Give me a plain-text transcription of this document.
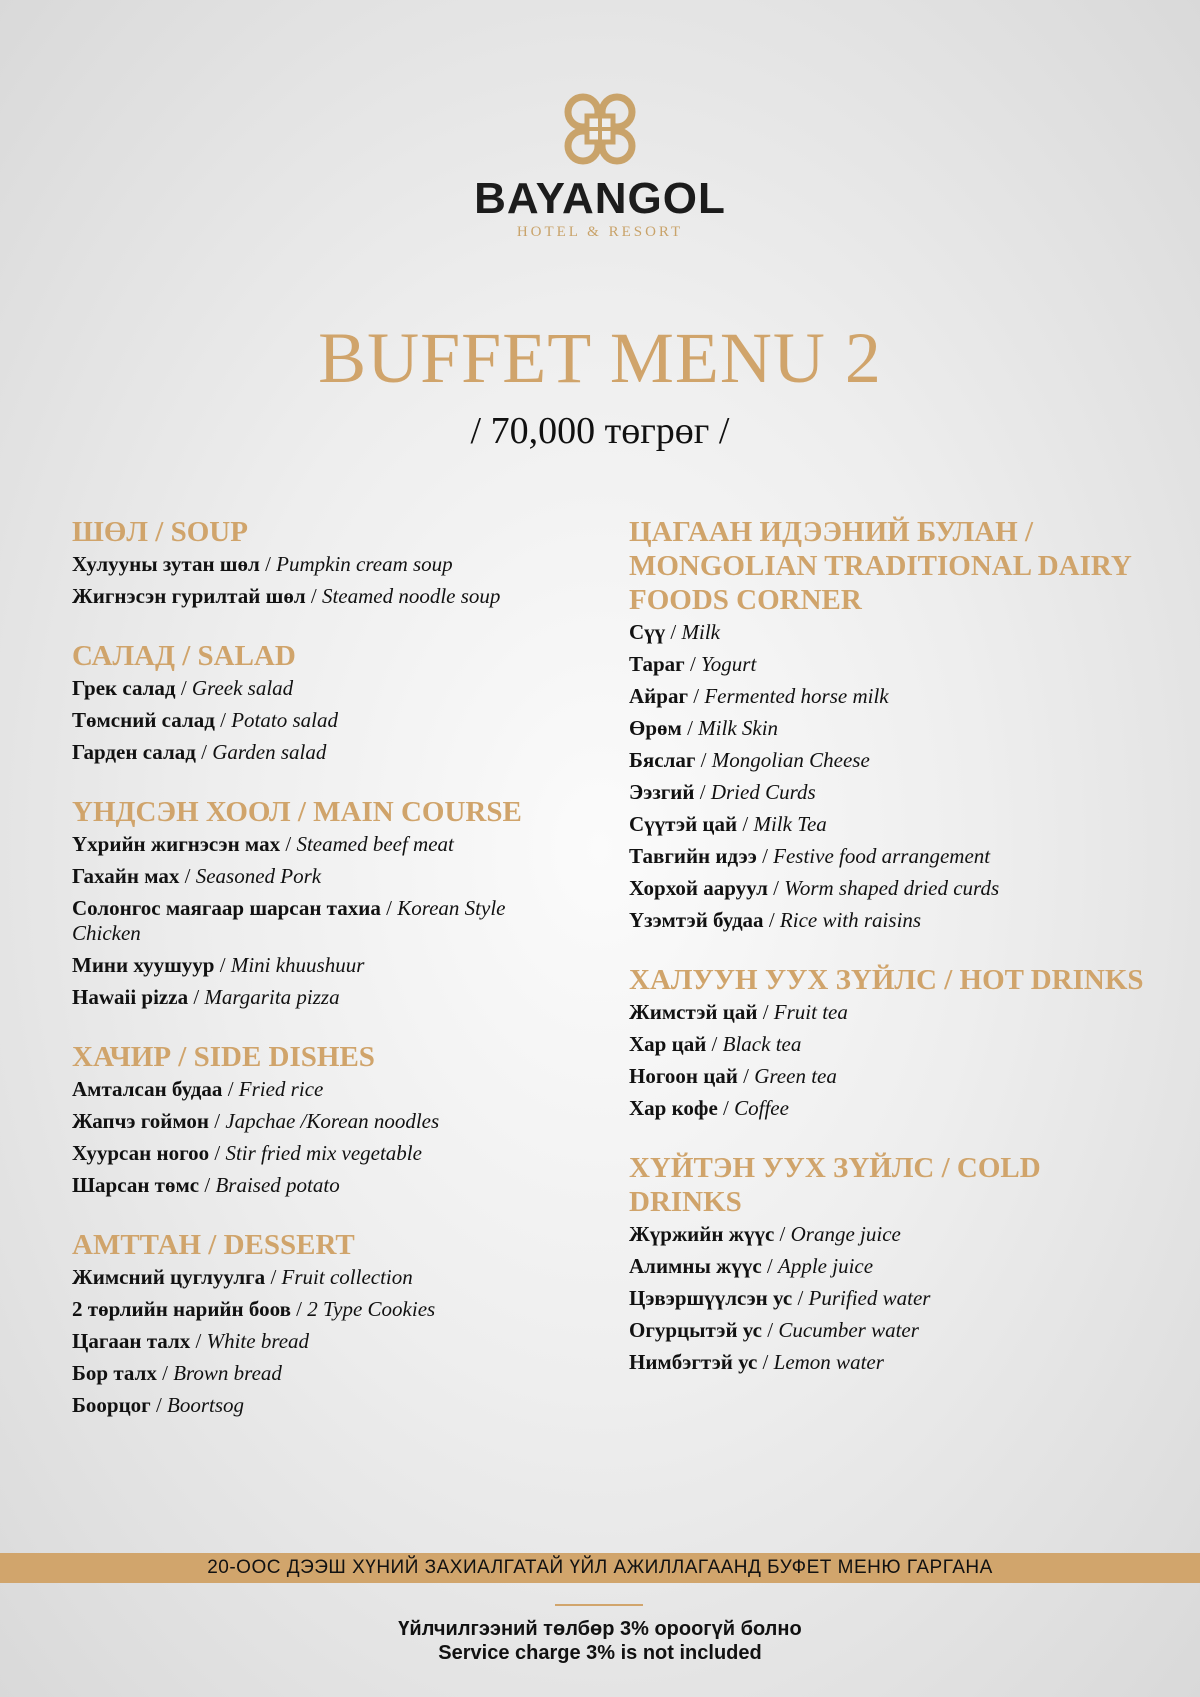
BAYANGOL
HOTEL & RESORT
BUFFET MENU 2
/ 70,000 төгрөг /
ШӨЛ / SOUP
Хулууны зутан шөл / Pumpkin cream soup
Жигнэсэн гурилтай шөл / Steamed noodle soup
САЛАД / SALAD
Грек салад / Greek salad
Төмсний салад / Potato salad
Гарден салад / Garden salad
ҮНДСЭН ХООЛ / MAIN COURSE
Үхрийн жигнэсэн мах / Steamed beef meat
Гахайн мах / Seasoned Pork
Солонгос маягаар шарсан тахиа / Korean Style Chicken
Мини хуушуур / Mini khuushuur
Hawaii pizza / Margarita pizza
ХАЧИР / SIDE DISHES
Амталсан будаа / Fried rice
Жапчэ гоймон / Japchae /Korean noodles
Хуурсан ногоо / Stir fried mix vegetable
Шарсан төмс / Braised potato
АМТТАН / DESSERT
Жимсний цуглуулга / Fruit collection
2 төрлийн нарийн боов / 2 Type Cookies
Цагаан талх / White bread
Бор талх / Brown bread
Боорцог / Boortsog
ЦАГААН ИДЭЭНИЙ БУЛАН / MONGOLIAN TRADITIONAL DAIRY FOODS CORNER
Сүү / Milk
Тараг / Yogurt
Айраг / Fermented horse milk
Өрөм / Milk Skin
Бяслаг / Mongolian Cheese
Ээзгий / Dried Curds
Сүүтэй цай / Milk Tea
Тавгийн идээ / Festive food arrangement
Хорхой ааруул / Worm shaped dried curds
Үзэмтэй будаа / Rice with raisins
ХАЛУУН УУХ ЗҮЙЛС / HOT DRINKS
Жимстэй цай / Fruit tea
Хар цай / Black tea
Ногоон цай / Green tea
Хар кофе / Coffee
ХҮЙТЭН УУХ ЗҮЙЛС / COLD DRINKS
Жүржийн жүүс / Orange juice
Алимны жүүс / Apple juice
Цэвэршүүлсэн ус / Purified water
Огурцытэй ус / Cucumber water
Нимбэгтэй ус / Lemon water
20-ООС ДЭЭШ ХҮНИЙ ЗАХИАЛГАТАЙ ҮЙЛ АЖИЛЛАГААНД БУФЕТ МЕНЮ ГАРГАНА
Үйлчилгээний төлбөр 3% ороогүй болно
Service charge 3% is not included
